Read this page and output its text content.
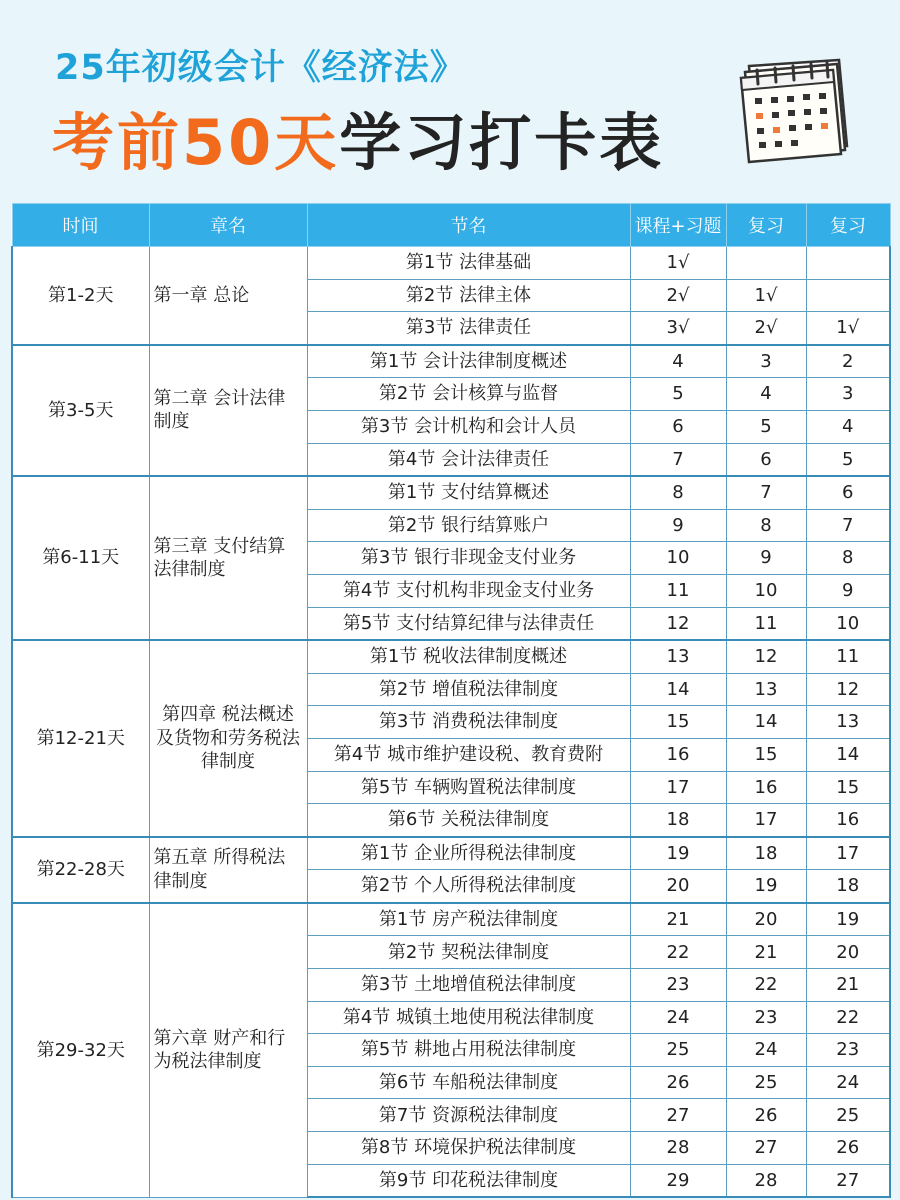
25年初级会计《经济法》
考前50天学习打卡表
时间	章名	节名	课程+习题	复习	复习
第1-2天	第一章 总论	第1节 法律基础	1√		
		第2节 法律主体	2√	1√	
		第3节 法律责任	3√	2√	1√
第3-5天	第二章 会计法律制度	第1节 会计法律制度概述	4	3	2
		第2节 会计核算与监督	5	4	3
		第3节 会计机构和会计人员	6	5	4
		第4节 会计法律责任	7	6	5
第6-11天	第三章 支付结算法律制度	第1节 支付结算概述	8	7	6
		第2节 银行结算账户	9	8	7
		第3节 银行非现金支付业务	10	9	8
		第4节 支付机构非现金支付业务	11	10	9
		第5节 支付结算纪律与法律责任	12	11	10
第12-21天	第四章 税法概述及货物和劳务税法律制度	第1节 税收法律制度概述	13	12	11
		第2节 增值税法律制度	14	13	12
		第3节 消费税法律制度	15	14	13
		第4节 城市维护建设税、教育费附	16	15	14
		第5节 车辆购置税法律制度	17	16	15
		第6节 关税法律制度	18	17	16
第22-28天	第五章 所得税法律制度	第1节 企业所得税法律制度	19	18	17
		第2节 个人所得税法律制度	20	19	18
第29-32天	第六章 财产和行为税法律制度	第1节 房产税法律制度	21	20	19
		第2节 契税法律制度	22	21	20
		第3节 土地增值税法律制度	23	22	21
		第4节 城镇土地使用税法律制度	24	23	22
		第5节 耕地占用税法律制度	25	24	23
		第6节 车船税法律制度	26	25	24
		第7节 资源税法律制度	27	26	25
		第8节 环境保护税法律制度	28	27	26
		第9节 印花税法律制度	29	28	27
